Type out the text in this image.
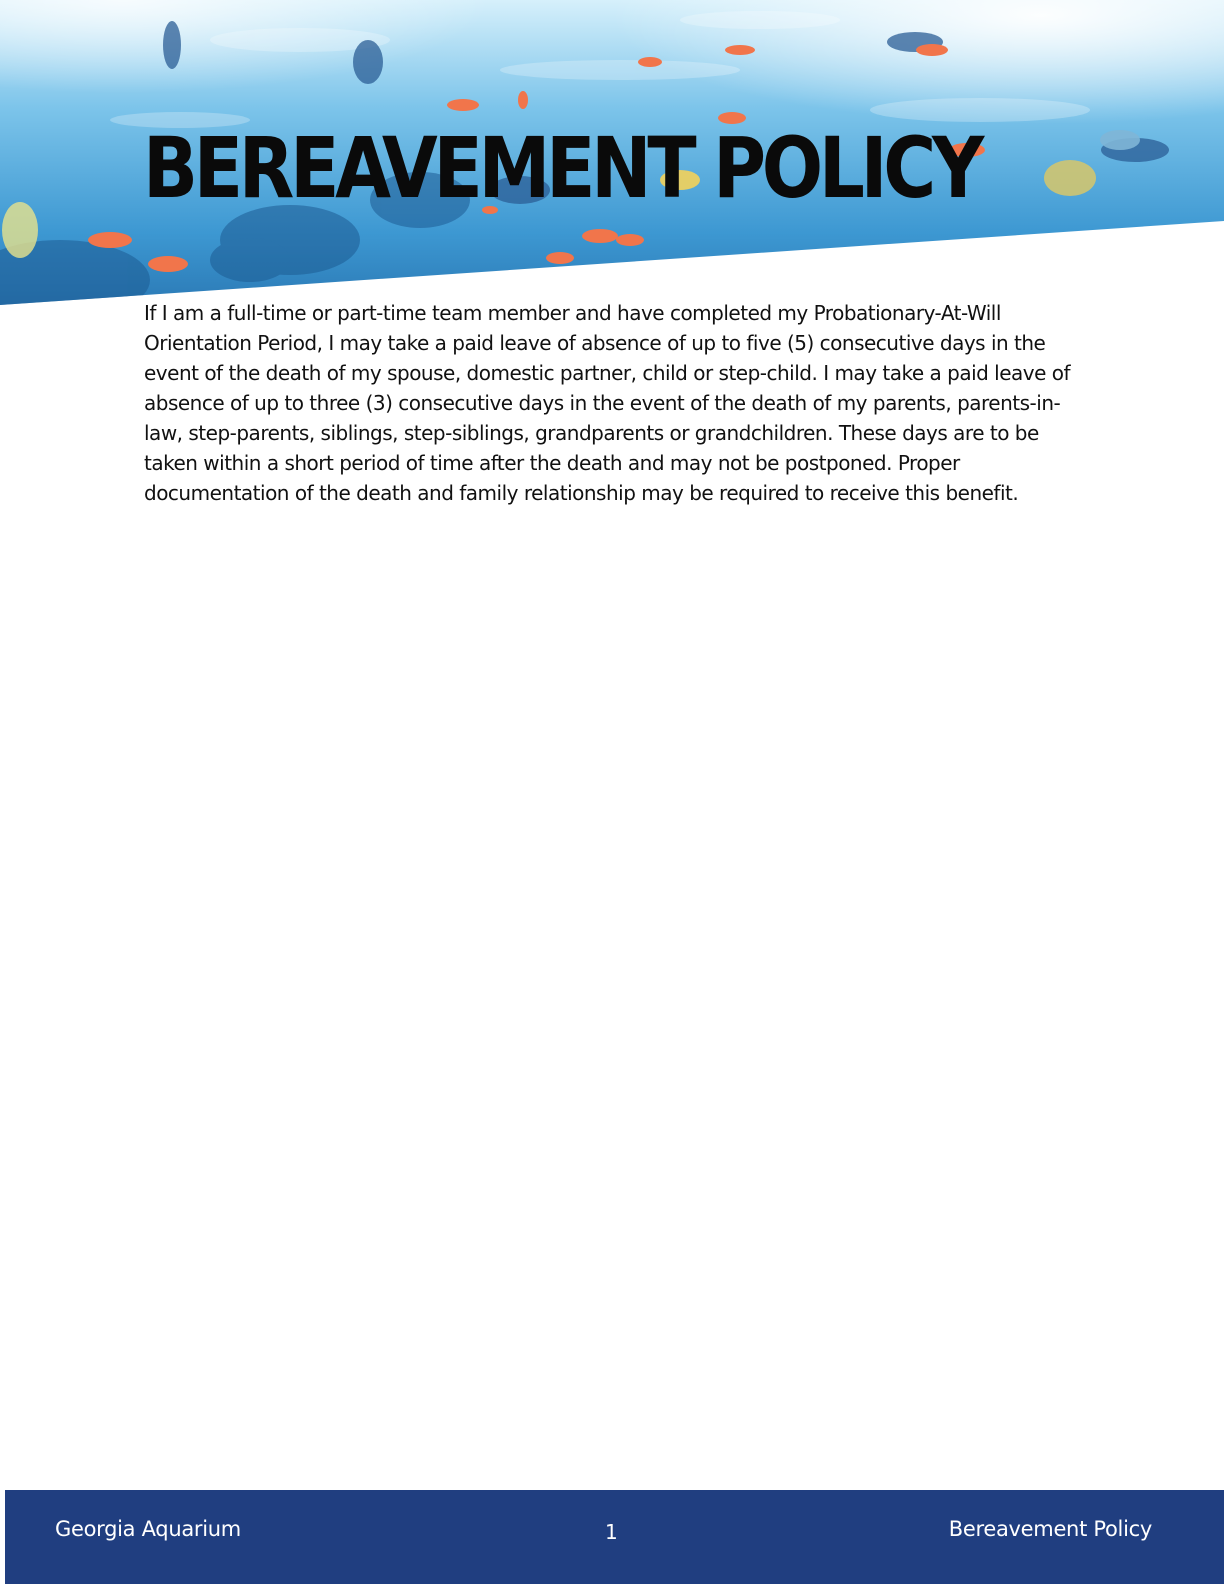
BEREAVEMENT POLICY

If I am a full-time or part-time team member and have completed my Probationary-At-Will Orientation Period, I may take a paid leave of absence of up to five (5) consecutive days in the event of the death of my spouse, domestic partner, child or step-child. I may take a paid leave of absence of up to three (3) consecutive days in the event of the death of my parents, parents-in-law, step-parents, siblings, step-siblings, grandparents or grandchildren. These days are to be taken within a short period of time after the death and may not be postponed. Proper documentation of the death and family relationship may be required to receive this benefit.

Georgia Aquarium	1	Bereavement Policy
